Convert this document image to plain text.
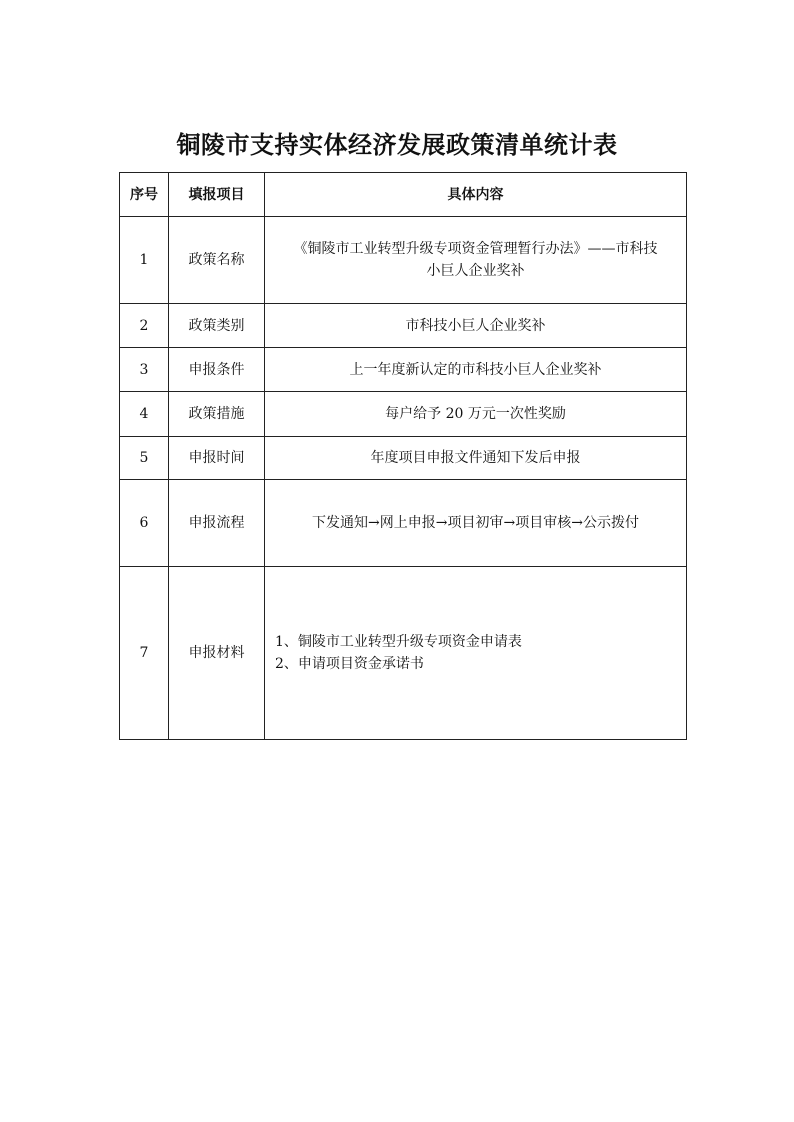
铜陵市支持实体经济发展政策清单统计表
序号	填报项目	具体内容
1	政策名称	《铜陵市工业转型升级专项资金管理暂行办法》——市科技
小巨人企业奖补

2	政策类别	市科技小巨人企业奖补
3	申报条件	上一年度新认定的市科技小巨人企业奖补
4	政策措施	每户给予 20 万元一次性奖励
5	申报时间	年度项目申报文件通知下发后申报
6	申报流程	下发通知→网上申报→项目初审→项目审核→公示拨付
7	申报材料	1、铜陵市工业转型升级专项资金申请表
2、申请项目资金承诺书
